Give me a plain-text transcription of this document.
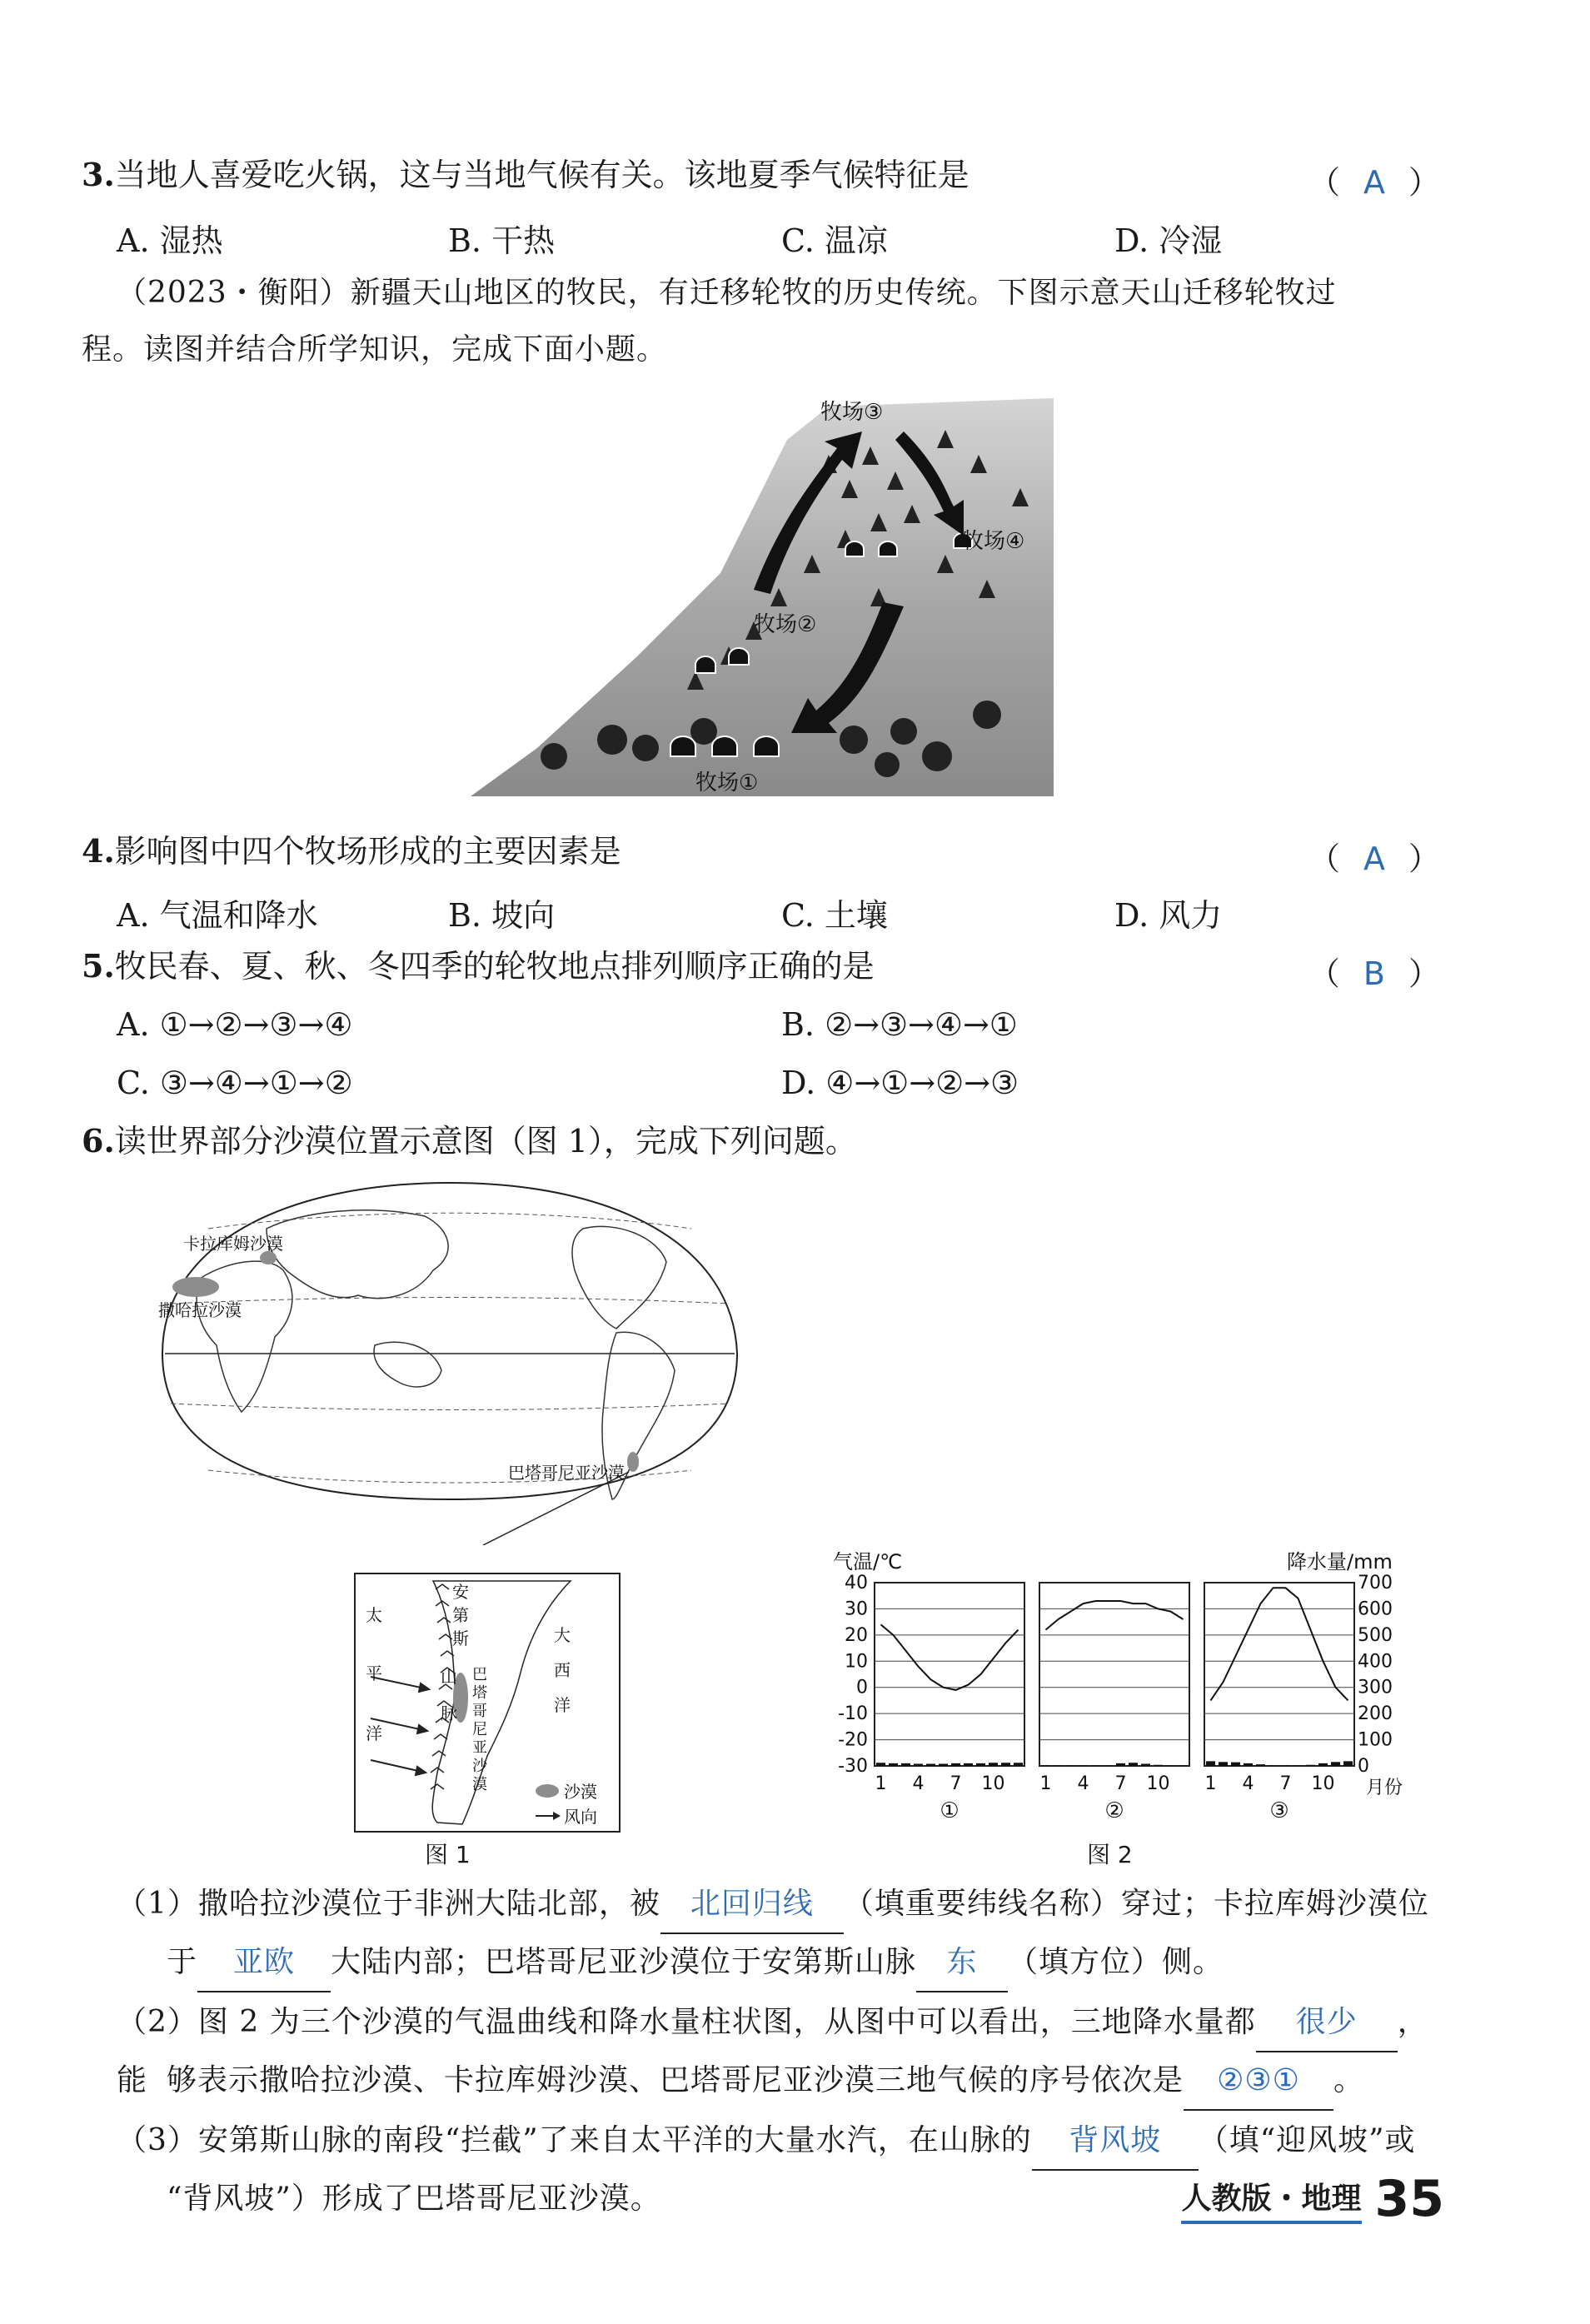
3.当地人喜爱吃火锅，这与当地气候有关。该地夏季气候特征是	（ A ）
A. 湿热	B. 干热	C. 温凉	D. 冷湿
（2023・衡阳）新疆天山地区的牧民，有迁移轮牧的历史传统。下图示意天山迁移轮牧过
程。读图并结合所学知识，完成下面小题。
牧场③
牧场④
牧场②
牧场①
4.影响图中四个牧场形成的主要因素是	（ A ）
A. 气温和降水	B. 坡向	C. 土壤	D. 风力
5.牧民春、夏、秋、冬四季的轮牧地点排列顺序正确的是	（ B ）
A. ①→②→③→④	B. ②→③→④→①
C. ③→④→①→②	D. ④→①→②→③
6.读世界部分沙漠位置示意图（图 1），完成下列问题。
卡拉库姆沙漠
撒哈拉沙漠
巴塔哥尼亚沙漠
太
平
洋
安
第
斯
山
脉
大
西
洋
巴
塔
哥
尼
亚
沙
漠	沙漠
风向
图 1
气温/℃	降水量/mm
月份
40
30
20
10
0
-10
-20
-30
700
600
500
400
300
200
100
0
1 4 7 10
①
1 4 7 10
②
1 4 7 10
③
图 2
（1）撒哈拉沙漠位于非洲大陆北部，被 北回归线 （填重要纬线名称）穿过；卡拉库姆沙漠位
于 亚欧 大陆内部；巴塔哥尼亚沙漠位于安第斯山脉 东 （填方位）侧。
（2）图 2 为三个沙漠的气温曲线和降水量柱状图，从图中可以看出，三地降水量都 很少 ，能 够表示撒哈拉沙漠、卡拉库姆沙漠、巴塔哥尼亚沙漠三地气候的序号依次是 ②③① 。
（3）安第斯山脉的南段“拦截”了来自太平洋的大量水汽，在山脉的 背风坡 （填“迎风坡”或
“背风坡”）形成了巴塔哥尼亚沙漠。	人教版・地理 35
